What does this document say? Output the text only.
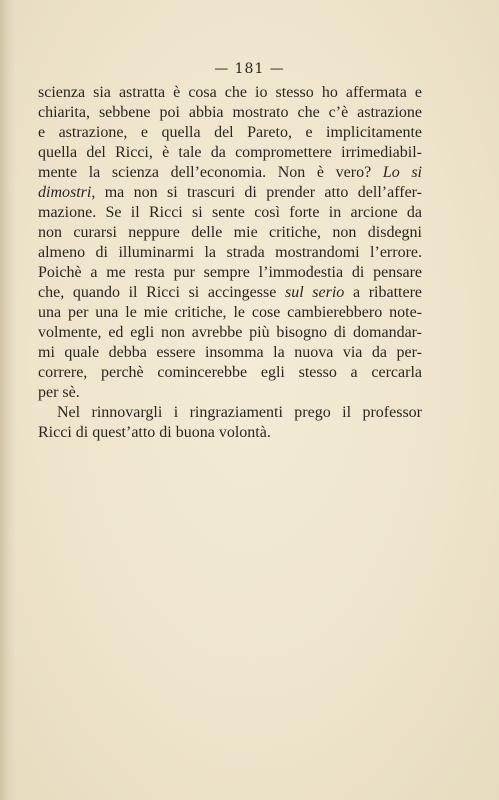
— 181 —
scienza sia astratta è cosa che io stesso ho affermata e
chiarita, sebbene poi abbia mostrato che c’è astrazione
e astrazione, e quella del Pareto, e implicitamente
quella del Ricci, è tale da compromettere irrimediabil-
mente la scienza dell’economia. Non è vero? Lo si
dimostri, ma non si trascuri di prender atto dell’affer-
mazione. Se il Ricci si sente così forte in arcione da
non curarsi neppure delle mie critiche, non disdegni
almeno di illuminarmi la strada mostrandomi l’errore.
Poichè a me resta pur sempre l’immodestia di pensare
che, quando il Ricci si accingesse sul serio a ribattere
una per una le mie critiche, le cose cambierebbero note-
volmente, ed egli non avrebbe più bisogno di domandar-
mi quale debba essere insomma la nuova via da per-
correre, perchè comincerebbe egli stesso a cercarla
per sè.
Nel rinnovargli i ringraziamenti prego il professor
Ricci di quest’atto di buona volontà.
